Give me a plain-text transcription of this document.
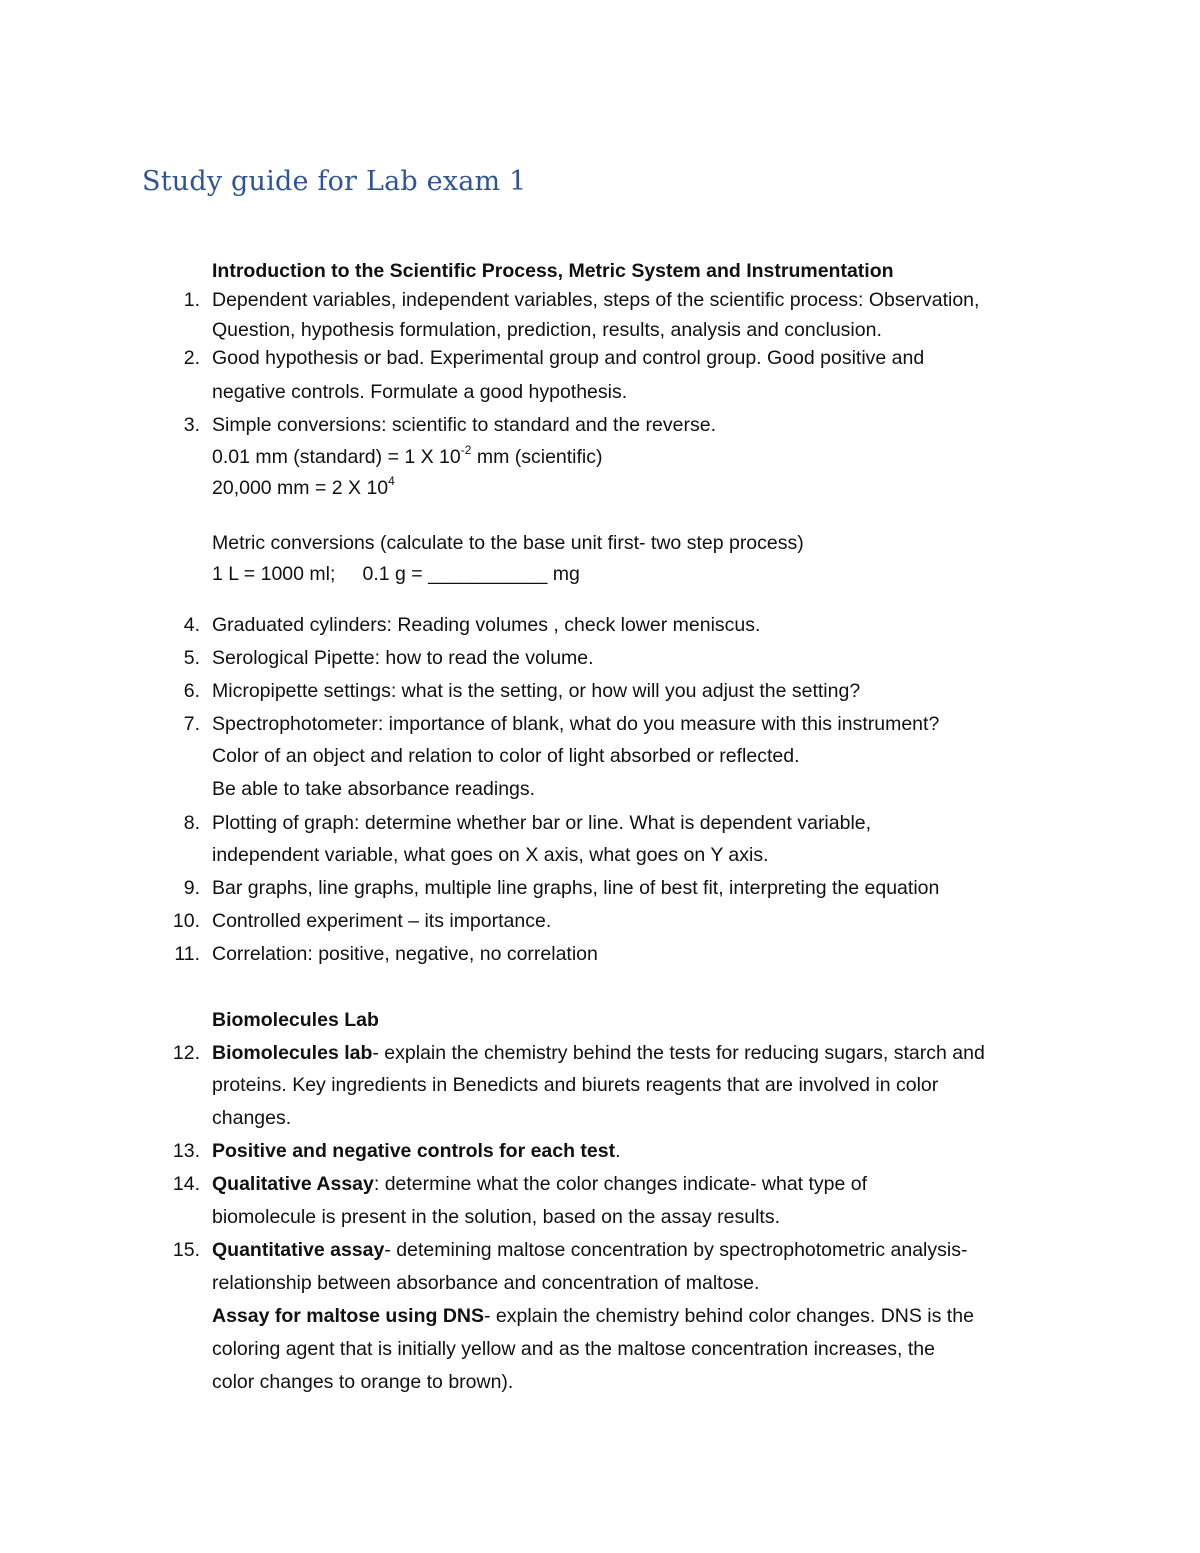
Study guide for Lab exam 1
Introduction to the Scientific Process, Metric System and Instrumentation
1. Dependent variables, independent variables, steps of the scientific process: Observation,
Question, hypothesis formulation, prediction, results, analysis and conclusion.
2. Good hypothesis or bad. Experimental group and control group. Good positive and
negative controls. Formulate a good hypothesis.
3. Simple conversions: scientific to standard and the reverse.
0.01 mm (standard) = 1 X $10^{-2}$ mm (scientific)
20,000 mm = 2 X $10^4$
Metric conversions (calculate to the base unit first- two step process)
1 L = 1000 ml;     0.1 g = ___________ mg
4. Graduated cylinders: Reading volumes , check lower meniscus.
5. Serological Pipette: how to read the volume.
6. Micropipette settings: what is the setting, or how will you adjust the setting?
7. Spectrophotometer: importance of blank, what do you measure with this instrument?
Color of an object and relation to color of light absorbed or reflected.
Be able to take absorbance readings.
8. Plotting of graph: determine whether bar or line. What is dependent variable,
independent variable, what goes on X axis, what goes on Y axis.
9. Bar graphs, line graphs, multiple line graphs, line of best fit, interpreting the equation
10. Controlled experiment – its importance.
11. Correlation: positive, negative, no correlation
Biomolecules Lab
12. Biomolecules lab- explain the chemistry behind the tests for reducing sugars, starch and
proteins. Key ingredients in Benedicts and biurets reagents that are involved in color
changes.
13. Positive and negative controls for each test.
14. Qualitative Assay: determine what the color changes indicate- what type of
biomolecule is present in the solution, based on the assay results.
15. Quantitative assay- detemining maltose concentration by spectrophotometric analysis-
relationship between absorbance and concentration of maltose.
Assay for maltose using DNS- explain the chemistry behind color changes. DNS is the
coloring agent that is initially yellow and as the maltose concentration increases, the
color changes to orange to brown).
